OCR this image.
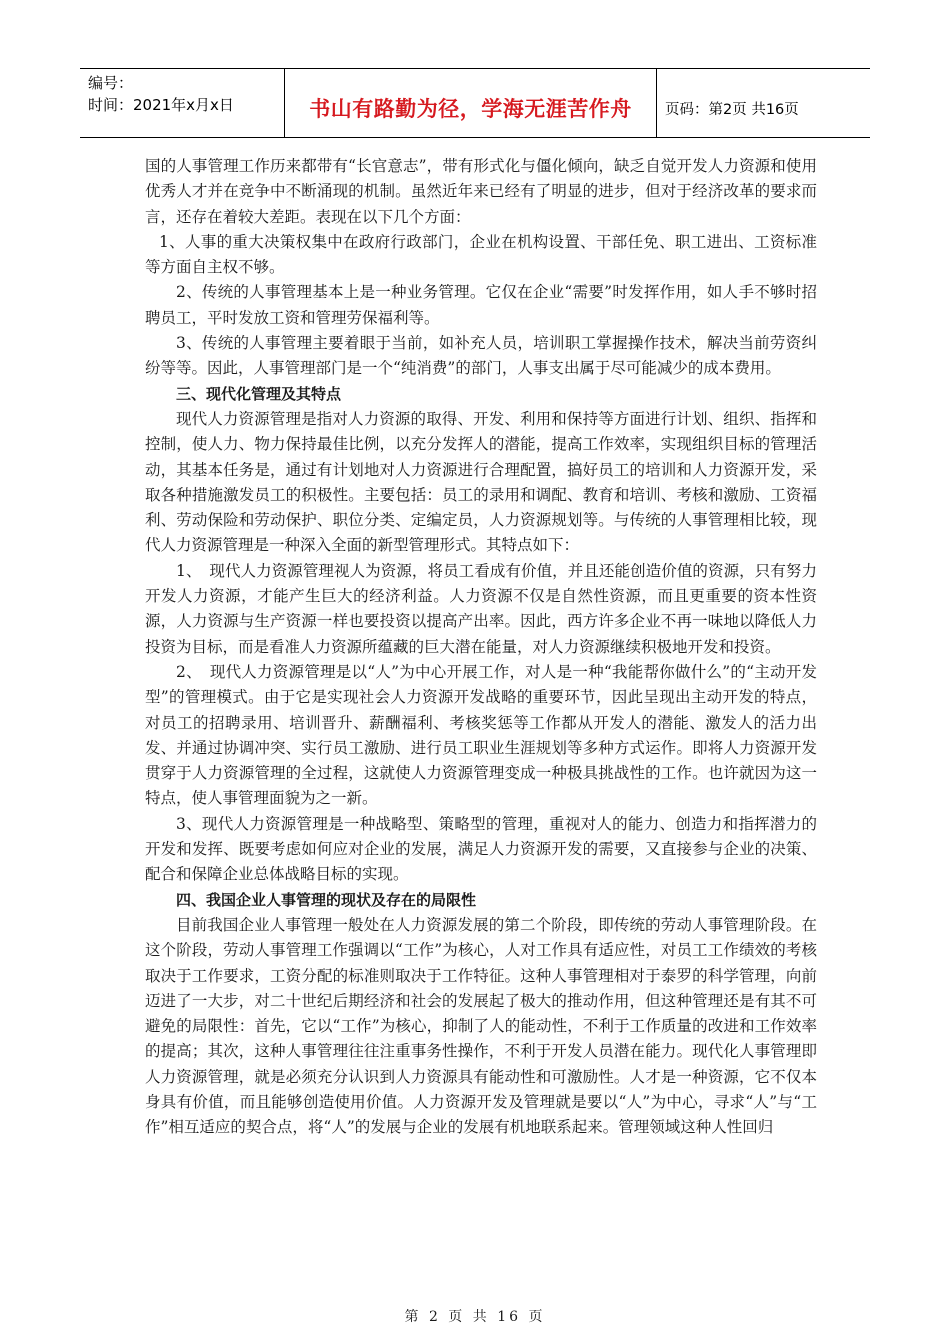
编号：
时间：2021年x月x日	书山有路勤为径，学海无涯苦作舟	页码：第2页 共16页

国的人事管理工作历来都带有“长官意志”，带有形式化与僵化倾向，缺乏自觉开发人力资源和使用优秀人才并在竞争中不断涌现的机制。虽然近年来已经有了明显的进步，但对于经济改革的要求而言，还存在着较大差距。表现在以下几个方面：

1、人事的重大决策权集中在政府行政部门，企业在机构设置、干部任免、职工进出、工资标准等方面自主权不够。

2、传统的人事管理基本上是一种业务管理。它仅在企业“需要”时发挥作用，如人手不够时招聘员工，平时发放工资和管理劳保福利等。

3、传统的人事管理主要着眼于当前，如补充人员，培训职工掌握操作技术，解决当前劳资纠纷等等。因此，人事管理部门是一个“纯消费”的部门，人事支出属于尽可能减少的成本费用。

三、现代化管理及其特点

现代人力资源管理是指对人力资源的取得、开发、利用和保持等方面进行计划、组织、指挥和控制，使人力、物力保持最佳比例，以充分发挥人的潜能，提高工作效率，实现组织目标的管理活动，其基本任务是，通过有计划地对人力资源进行合理配置，搞好员工的培训和人力资源开发，采取各种措施激发员工的积极性。主要包括：员工的录用和调配、教育和培训、考核和激励、工资福利、劳动保险和劳动保护、职位分类、定编定员，人力资源规划等。与传统的人事管理相比较，现代人力资源管理是一种深入全面的新型管理形式。其特点如下：

1、　现代人力资源管理视人为资源，将员工看成有价值，并且还能创造价值的资源，只有努力开发人力资源，才能产生巨大的经济利益。人力资源不仅是自然性资源，而且更重要的资本性资源，人力资源与生产资源一样也要投资以提高产出率。因此，西方许多企业不再一味地以降低人力投资为目标，而是看准人力资源所蕴藏的巨大潜在能量，对人力资源继续积极地开发和投资。

2、　现代人力资源管理是以“人”为中心开展工作，对人是一种“我能帮你做什么”的“主动开发型”的管理模式。由于它是实现社会人力资源开发战略的重要环节，因此呈现出主动开发的特点，对员工的招聘录用、培训晋升、薪酬福利、考核奖惩等工作都从开发人的潜能、激发人的活力出发、并通过协调冲突、实行员工激励、进行员工职业生涯规划等多种方式运作。即将人力资源开发贯穿于人力资源管理的全过程，这就使人力资源管理变成一种极具挑战性的工作。也许就因为这一特点，使人事管理面貌为之一新。

3、现代人力资源管理是一种战略型、策略型的管理，重视对人的能力、创造力和指挥潜力的开发和发挥、既要考虑如何应对企业的发展，满足人力资源开发的需要，又直接参与企业的决策、配合和保障企业总体战略目标的实现。

四、我国企业人事管理的现状及存在的局限性

目前我国企业人事管理一般处在人力资源发展的第二个阶段，即传统的劳动人事管理阶段。在这个阶段，劳动人事管理工作强调以“工作”为核心，人对工作具有适应性，对员工工作绩效的考核取决于工作要求，工资分配的标准则取决于工作特征。这种人事管理相对于泰罗的科学管理，向前迈进了一大步，对二十世纪后期经济和社会的发展起了极大的推动作用，但这种管理还是有其不可避免的局限性：首先，它以“工作”为核心，抑制了人的能动性，不利于工作质量的改进和工作效率的提高；其次，这种人事管理往往注重事务性操作，不利于开发人员潜在能力。现代化人事管理即人力资源管理，就是必须充分认识到人力资源具有能动性和可激励性。人才是一种资源，它不仅本身具有价值，而且能够创造使用价值。人力资源开发及管理就是要以“人”为中心，寻求“人”与“工作”相互适应的契合点，将“人”的发展与企业的发展有机地联系起来。管理领域这种人性回归

第 2 页 共 16 页
